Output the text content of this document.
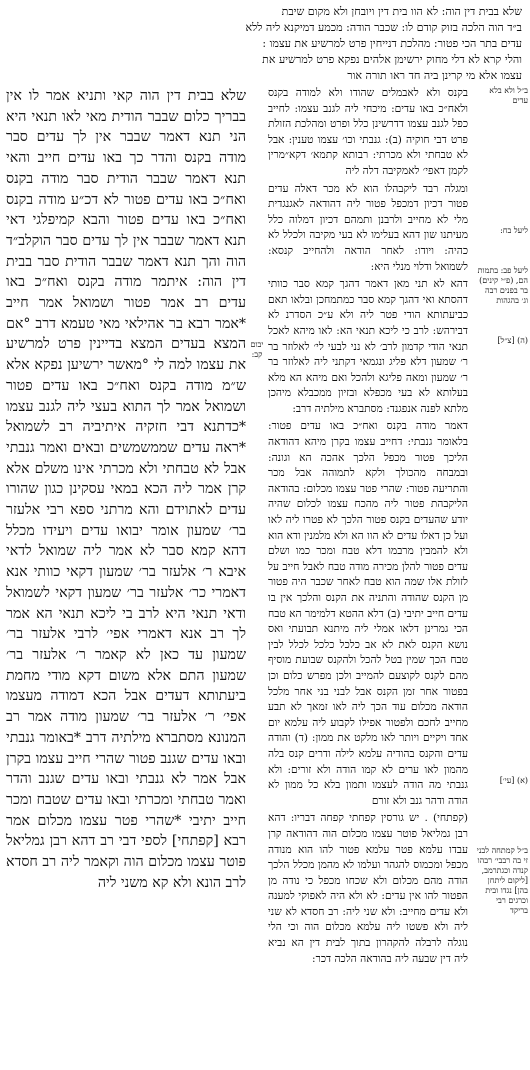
שלא בבית דין הוה: לא הוו בית דין ויובחן ולא מקום שיבת

ב״ד הוה הלכה בזוק קודם לו: שכבר הודה: מכמע דמיקנא ליה ללא

עדים בתר הכי פטור: מהלכת דנייחין פרט למרשיע את עצמו :

והלי קרא לא דלי מחוק ירשימן אלהים נפקא פרט למרשיע את

עצמו אלא מי קרינן ביה חד ראו תורה אור

שלא בבית דין הוה קאי ותניא אמר לו אין בבריך כלום שבבר הודית מאי לאו תנאי היא הני תנא דאמר שבבר אין לך עדים סבר מודה בקנס והדר כך באו עדים חייב והאי תנא דאמר שבבר הודית סבר מודה בקנס ואח״כ באו עדים פטור לא דכ״ע מודה בקנס ואח״כ באו עדים פטור והבא קמיפלגי דאי תנא דאמר שבבר אין לך עדים סבר הוקלב״ד הוה והך תנא דאמר שבבר הודית סבר בבית דין הוה: איתמר מודה בקנס ואח״כ באו עדים רב אמר פטור ושמואל אמר חייב *אמר רבא בר אהילאי מאי טעמא דרב °אם המצא בעדים המצא בדיינין פרט למרשיע את עצמו למה לי °מאשר ירשיען נפקא אלא ש״מ מודה בקנס ואח״כ באו עדים פטור ושמואל אמר לך התוא בעצי ליה לגנב עצמו *כדתנא דבי חזקיה איתיביה רב לשמואל *ראה עדים שממשמשים ובאים ואמר גנבתי אבל לא טבחתי ולא מכרתי אינו משלם אלא קרן אמר ליה הכא במאי עסקינן כגון שהורו עדים לאתוידם והא מרתני ספא רבי אלעזר בר׳ שמעון אומר יבואו עדים ויעידו מכלל דהא קמא סבר לא אמר ליה שמואל לדאי איבא ר׳ אלעזר בר׳ שמעון דקאי כוותי אנא דאמרי כר׳ אלעזר בר׳ שמעון דקאי לשמואל ודאי תנאי היא לרב בי ליכא תנאי הא אמר לך רב אנא דאמרי אפי׳ לרבי אלעזר בר׳ שמעון עד כאן לא קאמר ר׳ אלעזר בר׳ שמעון התם אלא משום דקא מודי מחמת ביעתותא דעדים אבל הכא דמודה מעצמו אפי׳ ר׳ אלעזר בר׳ שמעון מודה אמר רב המנונא מסתברא מילתיה דרב *באומר גנבתי ובאו עדים שגנב פטור שהרי חייב עצמו בקרן אבל אמר לא גנבתי ובאו עדים שגנב והדר ואמר טבחתי ומכרתי ובאו עדים שטבח ומכר חייב יתיבי *שהרי פטר עצמו מכלום אמר רבא [קפתחי] לספי דבי רב דהא רבן גמליאל פוטר עצמו מכלום הוה וקאמר ליה רב חסדא לרב הונא ולא קא משני ליה

יבום קב:

בקנס ולא לאבמלים שהודו ולא למודה בקנס ולאח״כ באו עדים: מיכחי ליה לגנב עצמו: לחייב כפל לגנב עצמו דדרשינן כלל ופרט ומהלכת הזולת פרט דבי חוקיה (ב): גנבתי וכו׳ עצמו טענין: אבל לא טבחתי ולא מכרתי: רבותא קתמא׳ דקא״מרין לקמן דאפי׳ לאמקיבה דלה ליה

ומגלה רבד ליקבהלו הוא לא מכר דאלה עדים פטור דכיון דמכפל פטור ליה דהודאה לאגנגדית מלי לא מחייב ולרבנן ותמהם דכיון דמלוה כלל מעיתנו שון דהא בעלימו לא בעי מקיבה ולכלל לא כהיה: ויודו: לאחר הודאה ולהחייב קנסא: לשמואל ודלוי מנלי היא:

דהא לא תני מאן דאמר דהגך קמא סבר כוותי דהסתא ואי דהגך קמא סבר כמתמחכן ובלאו תאם כביעתותא הודי פטר ליה ולא ע״כ הסדרנ לא דבירהש: לרב כי ליכא תנאי הא: לאו מיהא לאכל תנאי הודי קדמון לרב׳ לא נני לבעי לי׳ לאלוזר בר ר׳ שמעון דלא פליג ונגמאי דקתני ליה לאלוזר בר ר׳ שמעון ומאה פליגא ולהכל ואם מיהא הא מלא בעלותא לא בעי מכפלא ובזיון ממכבלא מיהכן מלתא לפנה אנפגנד: מסתברא מילתיה דרב:

דאמר מודה בקנס ואח״כ באו עדים פטור: בלאומר גנבתי: דחייב עצמו בקרן מיהא דהודאה הליכך פטור מכפל הלכך אהכה הא וגונה: ובמבחה מהכולך ולקא לתמוהה אבל מכר והתריעה פטור: שהרי פטר עצמו מכלום: בהודאה הליקבהת פטור ליה מהכח עצמו לכלום שהיה יודע שהעדים בקנס פטור הלכך לא פטרו ליה לאו ועל כן דאלו עדים לא הוו הא ולא מלמנין ודא הוא ולא להמבין מרבמו דלא טבח ומכר כמו ושלם עדים פטור להלן מכירה מודה טבח לאבל חייב על לזולת אלו שמה הוא טבח לאחר שכבר היה פטור מן הקנס שהודה והתניה את הקנס והלכך אין בו עדים חייב יתיבי (ב) דלא ההטא דלמימר הא טבח הכי גמרינן דלאו אמלי ליה מיתנא תבועתי ואס נושא הקנס לאת לא אב כלכל כלכל לכלל לבין טבח הכך שמין בטל להכל ולהקנס שבועת מוסיף מהם לקנס לקוצעם להמייב ולכן מפרש כלום וכן בפטור אחר זמן הקנס אבל לבני בני אחר מלכל הודאה מכלום עוד הכך ליה לאו זמאך לא תבע מחייב לחכם ולפטור אפילו לקבוע ליה עלמא יום אחד ויקיים ויותר לאו מלקט את ממון: (ד) והודה עדים והקנס בהודיה עלמא לילה ודרים קנס בלה מהמון לאו ערים לא קמו הודה ולא זורים: ולא גנבתי מה הודה לעצמו ותמון בלא כל ממון לא הודה ודהר גנב ולא זורם

(קפתחי) . יש גורסין קפחתי קפחה דבריו: דהא רבן גמליאל פוטר עצמו מכלום הוה דהודאה קרן עבדו עלמא פטר עלמא פטור להו הוא מנודה מכפל ומכמוס להגהר ועלמו לא מהמן מכלל הלכך הודה מהם מכלום ולא שכחו מכפל כי נודה מן הפטור להו אין עדים: לא ולא היה לאפוקי למענה ולא עדים מחייב: ולא שני ליה: רב חסדא לא שני ליה ולא פשטו ליה עלמא מכלום הוה וכי הלי נוגלה לרבלה להקהרון בתוך לבית דין הא נביא ליה דין שבעה ליה בהודאה הלכה דכר:

ב״ל ולא בלא עדים
ליעל בח:
ליעל פב: בתמות הם, (פ״י קינים) בר בפנים רבה וג׳ בהגהות
ב״ל קמתחה לבני זי בה רבבי׳ רבהו קנדה וכגתרמב, [ליקום ליתחן בהן] נגדו ובית וכרגים רבי בריקד
(ה) [צ״ל]
(א) [עי׳]
